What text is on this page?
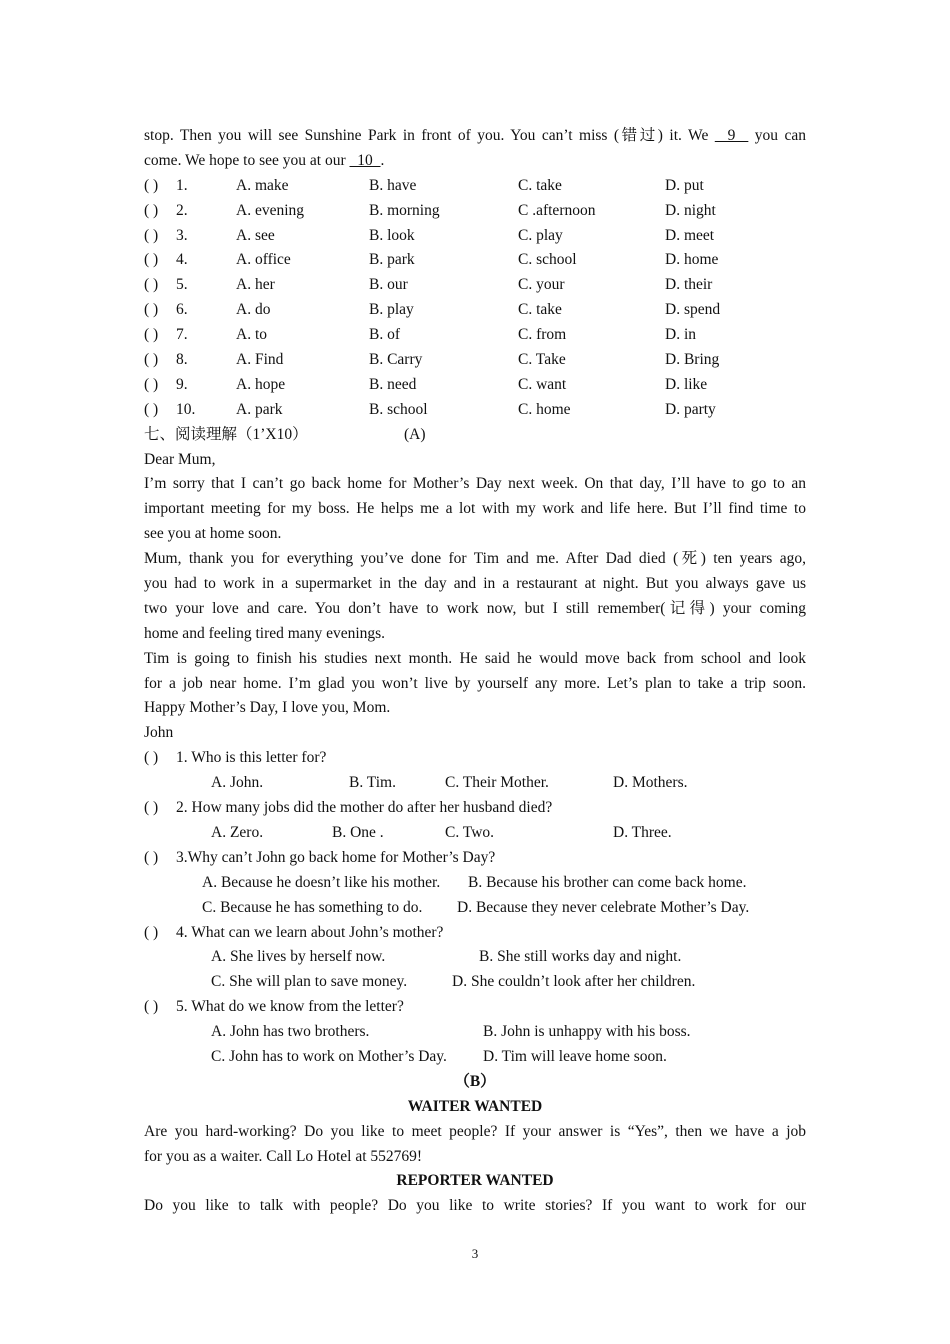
stop. Then you will see Sunshine Park in front of you. You can’t miss (错过) it. We   9   you can
come. We hope to see you at our   10  .
( ) 1.	A. make	B. have	C. take	D. put
( ) 2.	A. evening	B. morning	C .afternoon	D. night
( ) 3.	A. see	B. look	C. play	D. meet
( ) 4.	A. office	B. park	C. school	D. home
( ) 5.	A. her	B. our	C. your	D. their
( ) 6.	A. do	B. play	C. take	D. spend
( ) 7.	A. to	B. of	C. from	D. in
( ) 8.	A. Find	B. Carry	C. Take	D. Bring
( ) 9.	A. hope	B. need	C. want	D. like
( ) 10.	A. park	B. school	C. home	D. party
七、阅读理解（1’X10）	(A)
Dear Mum,
I’m sorry that I can’t go back home for Mother’s Day next week. On that day, I’ll have to go to an
important meeting for my boss. He helps me a lot with my work and life here. But I’ll find time to
see you at home soon.
Mum, thank you for everything you’ve done for Tim and me. After Dad died (死) ten years ago,
you had to work in a supermarket in the day and in a restaurant at night. But you always gave us
two your love and care. You don’t have to work now, but I still remember(记得) your coming
home and feeling tired many evenings.
Tim is going to finish his studies next month. He said he would move back from school and look
for a job near home. I’m glad you won’t live by yourself any more. Let’s plan to take a trip soon.
Happy Mother’s Day, I love you, Mom.
John
( ) 1. Who is this letter for?
A. John.	B. Tim.	C. Their Mother.	D. Mothers.
( ) 2. How many jobs did the mother do after her husband died?
A. Zero.	B. One .	C. Two.	D. Three.
( ) 3.Why can’t John go back home for Mother’s Day?
A. Because he doesn’t like his mother. B. Because his brother can come back home.
C. Because he has something to do. D. Because they never celebrate Mother’s Day.
( ) 4. What can we learn about John’s mother?
A. She lives by herself now.	B. She still works day and night.
C. She will plan to save money.	D. She couldn’t look after her children.
( ) 5. What do we know from the letter?
A. John has two brothers.	B. John is unhappy with his boss.
C. John has to work on Mother’s Day. D. Tim will leave home soon.
（B）
WAITER WANTED
Are you hard-working? Do you like to meet people? If your answer is “Yes”, then we have a job
for you as a waiter. Call Lo Hotel at 552769!
REPORTER WANTED
Do you like to talk with people? Do you like to write stories? If you want to work for our
3
